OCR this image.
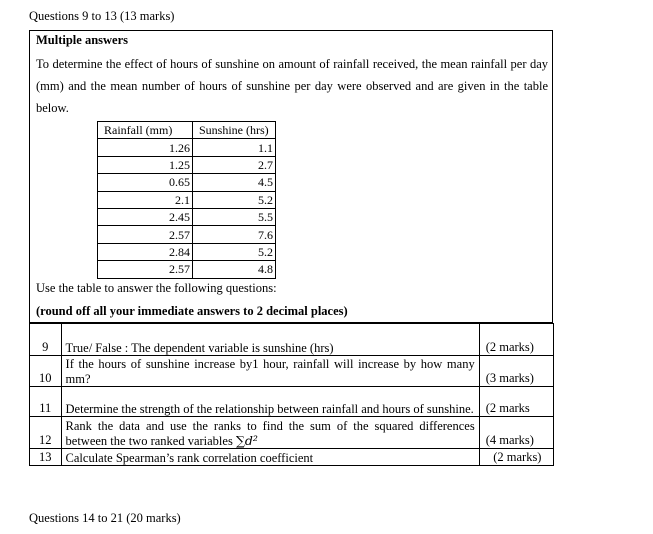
Questions 9 to 13 (13 marks)
Multiple answers
To determine the effect of hours of sunshine on amount of rainfall received, the mean rainfall per day (mm) and the mean number of hours of sunshine per day were observed and are given in the table below.
Rainfall (mm)	Sunshine (hrs)
1.26	1.1
1.25	2.7
0.65	4.5
2.1	5.2
2.45	5.5
2.57	7.6
2.84	5.2
2.57	4.8
Use the table to answer the following questions:
(round off all your immediate answers to 2 decimal places)
9	True/ False : The dependent variable is sunshine (hrs)	(2 marks)
10	If the hours of sunshine increase by1 hour, rainfall will increase by how many mm?	(3 marks)
11	Determine the strength of the relationship between rainfall and hours of sunshine.	(2 marks
12	Rank the data and use the ranks to find the sum of the squared differences between the two ranked variables ∑d²	(4 marks)
13	Calculate Spearman’s rank correlation coefficient	(2 marks)
Questions 14 to 21 (20 marks)
